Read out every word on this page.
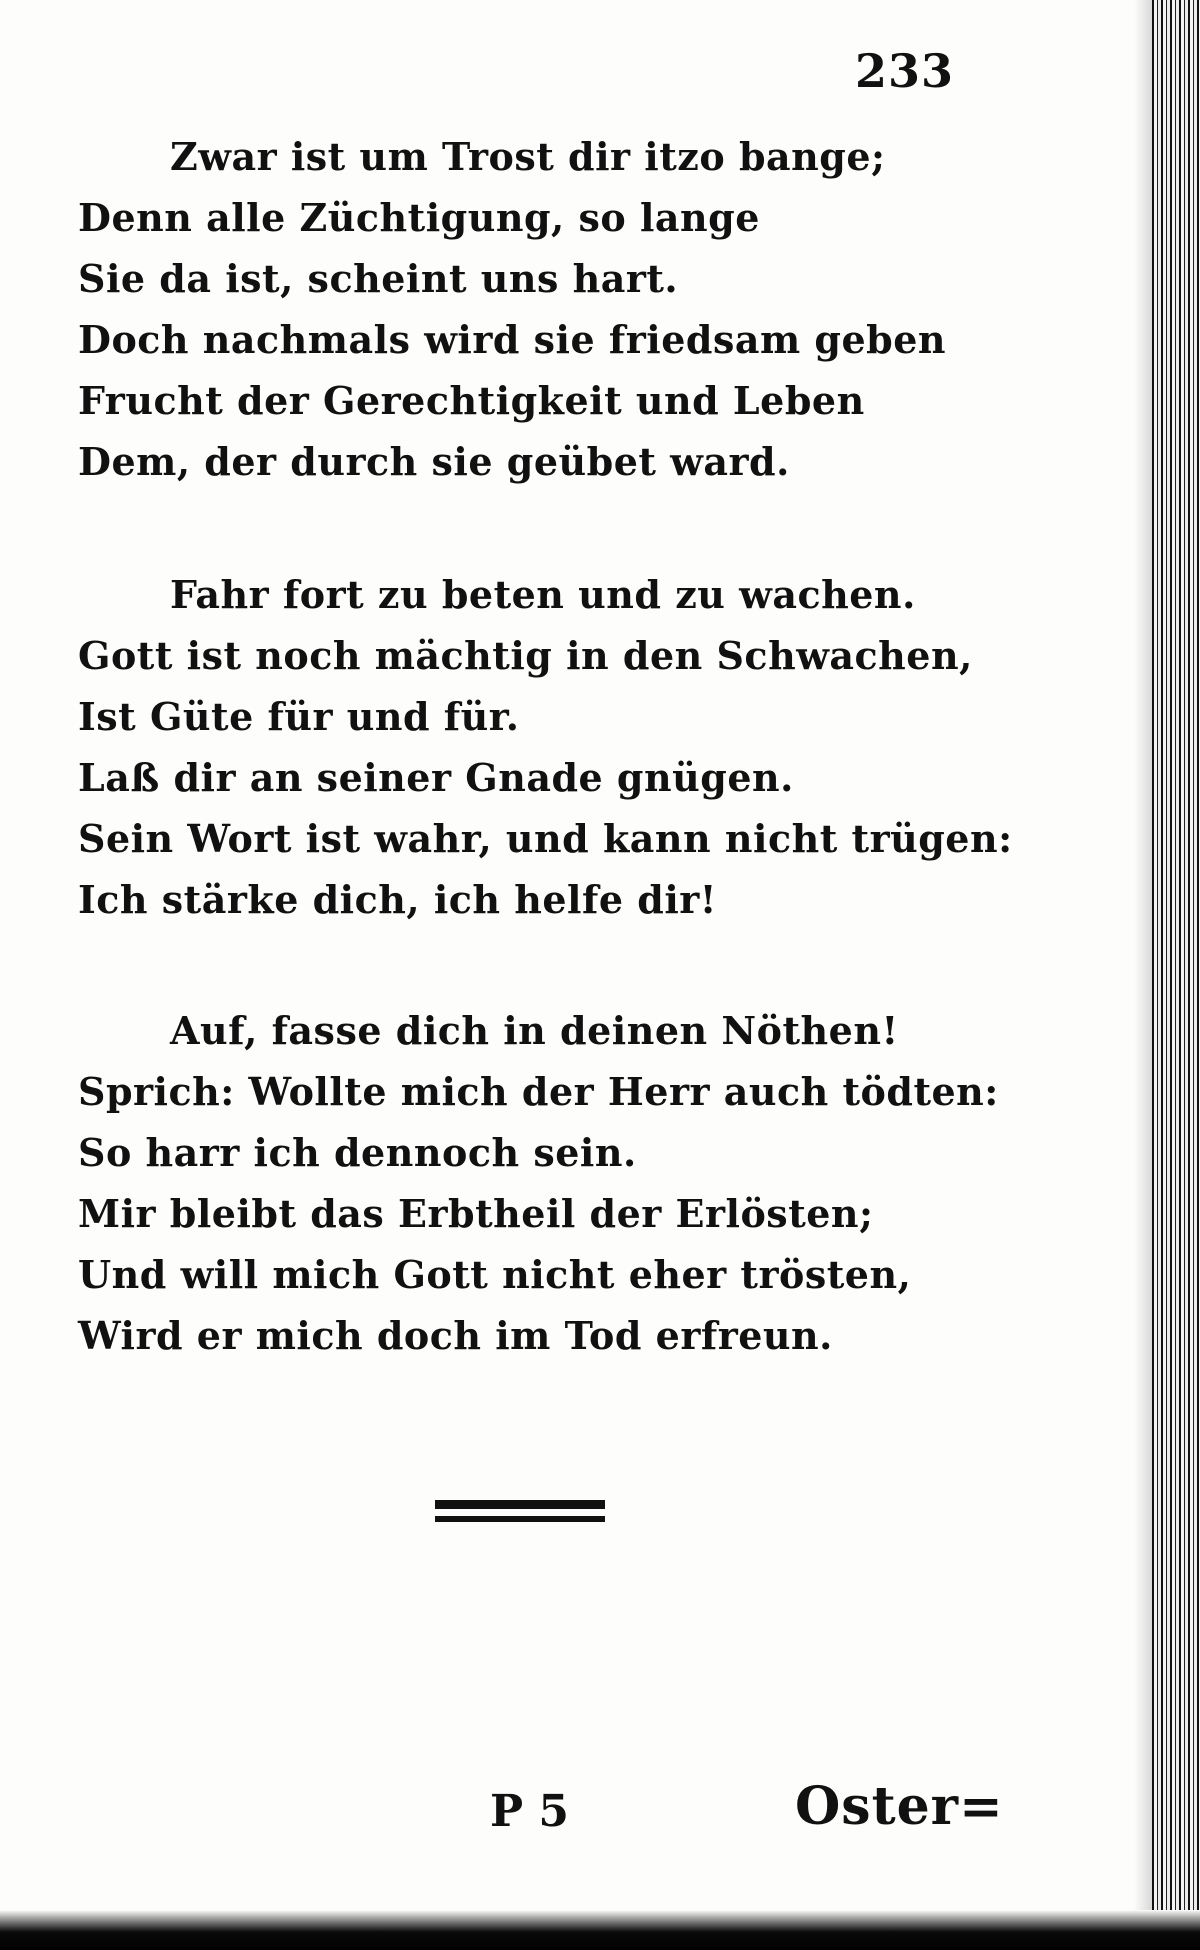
233
Zwar ist um Trost dir itzo bange;
Denn alle Züchtigung, so lange
Sie da ist, scheint uns hart.
Doch nachmals wird sie friedsam geben
Frucht der Gerechtigkeit und Leben
Dem, der durch sie geübet ward.
Fahr fort zu beten und zu wachen.
Gott ist noch mächtig in den Schwachen,
Ist Güte für und für.
Laß dir an seiner Gnade gnügen.
Sein Wort ist wahr, und kann nicht trügen:
Ich stärke dich, ich helfe dir!
Auf, fasse dich in deinen Nöthen!
Sprich: Wollte mich der Herr auch tödten:
So harr ich dennoch sein.
Mir bleibt das Erbtheil der Erlösten;
Und will mich Gott nicht eher trösten,
Wird er mich doch im Tod erfreun.
P 5	Oster=
